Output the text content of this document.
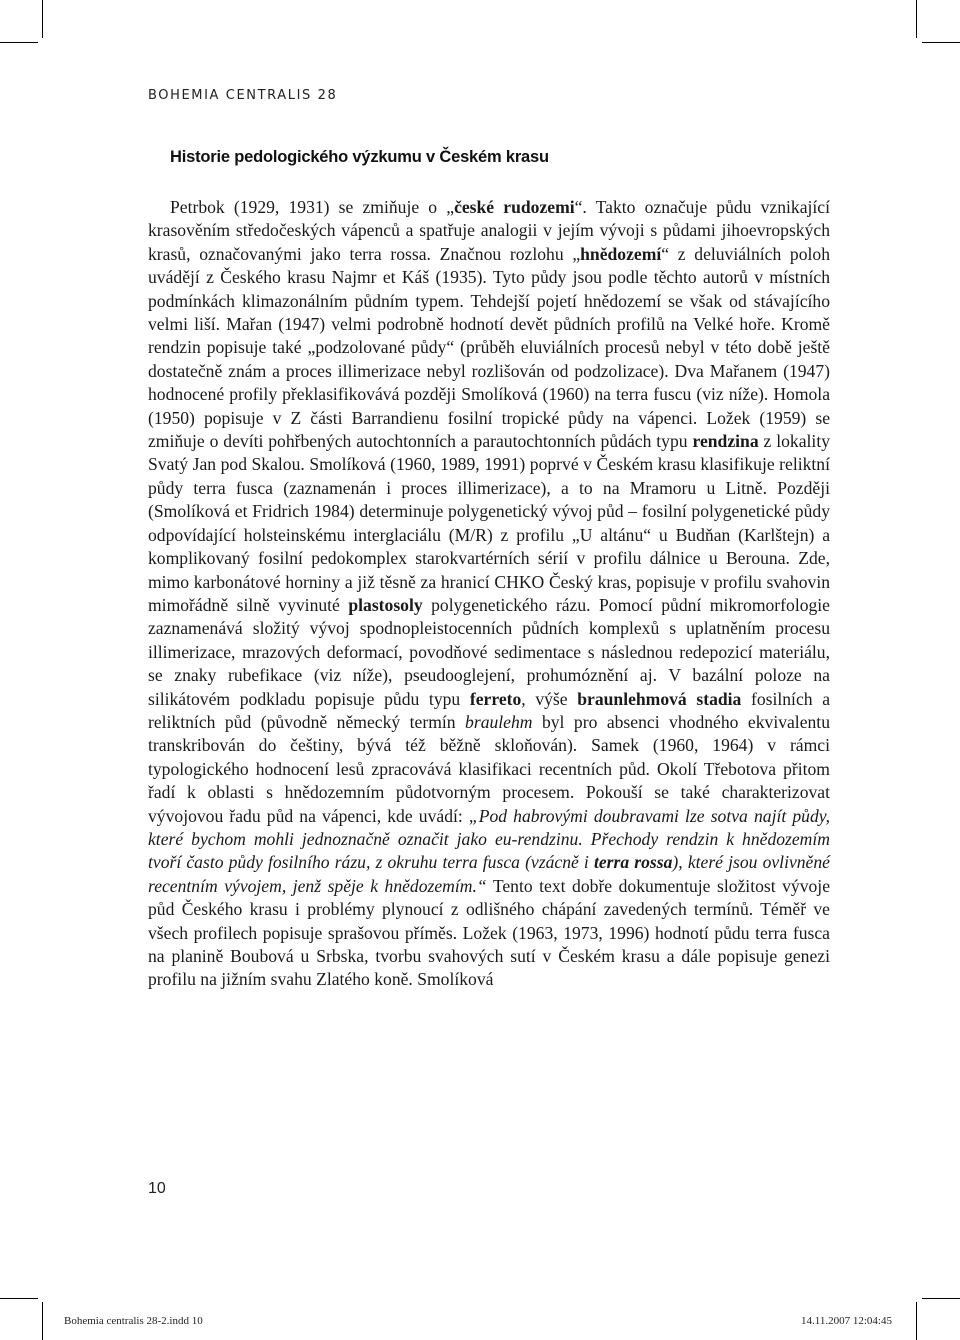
BOHEMIA CENTRALIS 28
Historie pedologického výzkumu v Českém krasu

Petrbok (1929, 1931) se zmiňuje o „české rudozemi“. Takto označuje půdu vznikající krasověním středočeských vápenců a spatřuje analogii v jejím vývoji s půdami jihoevropských krasů, označovanými jako terra rossa. Značnou rozlohu „hnědozemí“ z deluviálních poloh uvádějí z Českého krasu Najmr et Káš (1935). Tyto půdy jsou podle těchto autorů v místních podmínkách klimazonálním půdním typem. Tehdejší pojetí hnědozemí se však od stávajícího velmi liší. Mařan (1947) velmi podrobně hodnotí devět půdních profilů na Velké hoře. Kromě rendzin popisuje také „podzolované půdy“ (průběh eluviálních procesů nebyl v této době ještě dostatečně znám a proces illimerizace nebyl rozlišován od podzolizace). Dva Mařanem (1947) hodnocené profily překlasifikovává později Smolíková (1960) na terra fuscu (viz níže). Homola (1950) popisuje v Z části Barrandienu fosilní tropické půdy na vápenci. Ložek (1959) se zmiňuje o devíti pohřbených autochtonních a parautochtonních půdách typu rendzina z lokality Svatý Jan pod Skalou. Smolíková (1960, 1989, 1991) poprvé v Českém krasu klasifikuje reliktní půdy terra fusca (zaznamenán i proces illimerizace), a to na Mramoru u Litně. Později (Smolíková et Fridrich 1984) determinuje polygenetický vývoj půd – fosilní polygenetické půdy odpovídající holsteinskému interglaciálu (M/R) z profilu „U altánu“ u Budňan (Karlštejn) a komplikovaný fosilní pedokomplex starokvartérních sérií v profilu dálnice u Berouna. Zde, mimo karbonátové horniny a již těsně za hranicí CHKO Český kras, popisuje v profilu svahovin mimořádně silně vyvinuté plastosoly polygenetického rázu. Pomocí půdní mikromorfologie zaznamenává složitý vývoj spodnopleistocenních půdních komplexů s uplatněním procesu illimerizace, mrazových deformací, povodňové sedimentace s následnou redepozicí materiálu, se znaky rubefikace (viz níže), pseudooglejení, prohumóznění aj. V bazální poloze na silikátovém podkladu popisuje půdu typu ferreto, výše braunlehmová stadia fosilních a reliktních půd (původně německý termín braulehm byl pro absenci vhodného ekvivalentu transkribován do češtiny, bývá též běžně skloňován). Samek (1960, 1964) v rámci typologického hodnocení lesů zpracovává klasifikaci recentních půd. Okolí Třebotova přitom řadí k oblasti s hnědozemním půdotvorným procesem. Pokouší se také charakterizovat vývojovou řadu půd na vápenci, kde uvádí: „Pod habrovými doubravami lze sotva najít půdy, které bychom mohli jednoznačně označit jako eu-rendzinu. Přechody rendzin k hnědozemím tvoří často půdy fosilního rázu, z okruhu terra fusca (vzácně i terra rossa), které jsou ovlivněné recentním vývojem, jenž spěje k hnědozemím.“ Tento text dobře dokumentuje složitost vývoje půd Českého krasu i problémy plynoucí z odlišného chápání zavedených termínů. Téměř ve všech profilech popisuje sprašovou příměs. Ložek (1963, 1973, 1996) hodnotí půdu terra fusca na planině Boubová u Srbska, tvorbu svahových sutí v Českém krasu a dále popisuje genezi profilu na jižním svahu Zlatého koně. Smolíková

10
Bohemia centralis 28-2.indd 10	14.11.2007 12:04:45
